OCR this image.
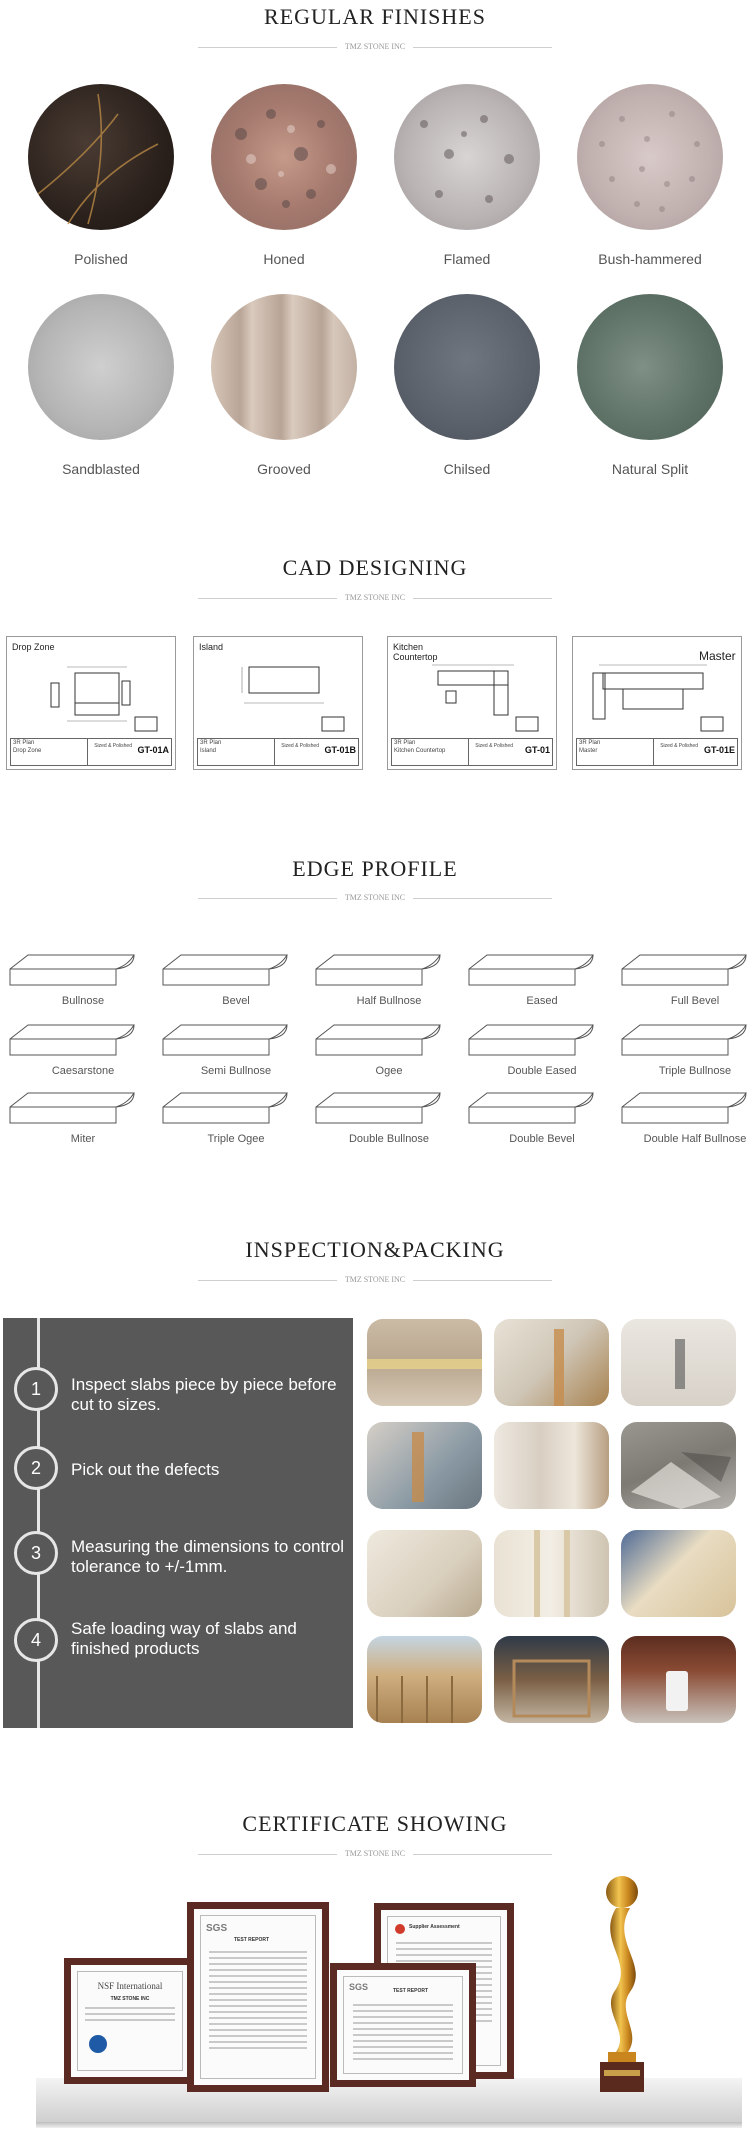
REGULAR FINISHES
TMZ STONE INC
Polished	Honed	Flamed	Bush-hammered
Sandblasted	Grooved	Chilsed	Natural Split
CAD DESIGNING
TMZ STONE INC
Drop Zone
3R Plan
Drop Zone
Sized & Polished GT-01A
Island
3R Plan
Island
Sized & Polished GT-01B
Kitchen Countertop
3R Plan
Kitchen Countertop
Sized & Polished GT-01
Master
3R Plan
Master
Sized & Polished GT-01E
EDGE PROFILE
TMZ STONE INC
Bullnose	Bevel	Half Bullnose	Eased	Full Bevel
Caesarstone	Semi Bullnose	Ogee	Double Eased	Triple Bullnose
Miter	Triple Ogee	Double Bullnose	Double Bevel	Double Half Bullnose
INSPECTION&PACKING
TMZ STONE INC
1	Inspect slabs piece by piece before cut to sizes.
2	Pick out the defects
3	Measuring the dimensions to control tolerance to +/-1mm.
4
Safe loading way of slabs and finished products
CERTIFICATE SHOWING
TMZ STONE INC
NSF International
TMZ STONE INC
SGS
TEST REPORT
Supplier Assessment
SGS	TEST REPORT
